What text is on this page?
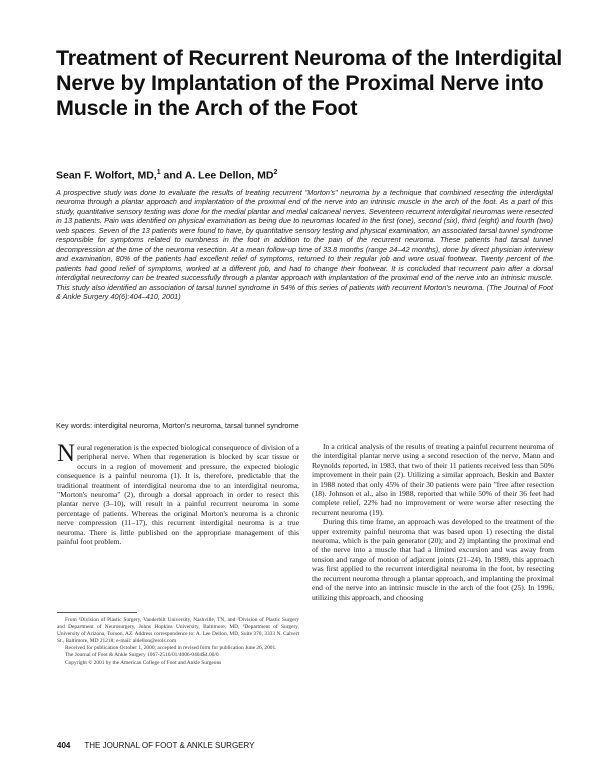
Treatment of Recurrent Neuroma of the Interdigital Nerve by Implantation of the Proximal Nerve into Muscle in the Arch of the Foot
Sean F. Wolfort, MD,$^1$ and A. Lee Dellon, $MD^2$

A prospective study was done to evaluate the results of treating recurrent "Morton's" neuroma by a technique that combined resecting the interdigital neuroma through a plantar approach and implantation of the proximal end of the nerve into an intrinsic muscle in the arch of the foot. As a part of this study, quantitative sensory testing was done for the medial plantar and medial calcaneal nerves. Seventeen recurrent interdigital neuromas were resected in 13 patients. Pain was identified on physical examination as being due to neuromas located in the first (one), second (six), third (eight) and fourth (two) web spaces. Seven of the 13 patients were found to have, by quantitative sensory testing and physical examination, an associated tarsal tunnel syndrome responsible for symptoms related to numbness in the foot in addition to the pain of the recurrent neuroma. These patients had tarsal tunnel decompression at the time of the neuroma resection. At a mean follow-up time of 33.8 months (range 24–42 months), done by direct physician interview and examination, 80% of the patients had excellent relief of symptoms, returned to their regular job and wore usual footwear. Twenty percent of the patients had good relief of symptoms, worked at a different job, and had to change their footwear. It is concluded that recurrent pain after a dorsal interdigital neurectomy can be treated successfully through a plantar approach with implantation of the proximal end of the nerve into an intrinsic muscle. This study also identified an association of tarsal tunnel syndrome in 54% of this series of patients with recurrent Morton's neuroma. (The Journal of Foot & Ankle Surgery 40(6):404–410, 2001)

Key words: interdigital neuroma, Morton's neuroma, tarsal tunnel syndrome

Neural regeneration is the expected biological consequence of division of a peripheral nerve. When that regeneration is blocked by scar tissue or occurs in a region of movement and pressure, the expected biologic consequence is a painful neuroma (1). It is, therefore, predictable that the traditional treatment of interdigital neuroma due to an interdigital neuroma, "Morton's neuroma" (2), through a dorsal approach in order to resect this plantar nerve (3–10), will result in a painful recurrent neuroma in some percentage of patients. Whereas the original Morton's neuroma is a chronic nerve compression (11–17), this recurrent interdigital neuroma is a true neuroma. There is little published on the appropriate management of this painful foot problem.

From ¹Division of Plastic Surgery, Vanderbilt University, Nashville, TN, and ²Division of Plastic Surgery and Department of Neurosurgery, Johns Hopkins University, Baltimore, MD, ³Department of Surgery, University of Arizona, Tucson, AZ. Address correspondence to: A. Lee Dellon, MD, Suite 370, 3333 N. Calvert St., Baltimore, MD 21218; e-mail: aldellon@erols.com

Received for publication October 1, 2000; accepted in revised form for publication June 26, 2001.

The Journal of Foot & Ankle Surgery 1067-2516/01/4006-0404$4.00/0

Copyright © 2001 by the American College of Foot and Ankle Surgeons

In a critical analysis of the results of treating a painful recurrent neuroma of the interdigital plantar nerve using a second resection of the nerve, Mann and Reynolds reported, in 1983, that two of their 11 patients received less than 50% improvement in their pain (2). Utilizing a similar approach, Beskin and Baxter in 1988 noted that only 45% of their 30 patients were pain "free after resection (18). Johnson et al., also in 1988, reported that while 50% of their 36 feet had complete relief, 22% had no improvement or were worse after resecting the recurrent neuroma (19).

During this time frame, an approach was developed to the treatment of the upper extremity painful neuroma that was based upon 1) resecting the distal neuroma, which is the pain generator (20); and 2) implanting the proximal end of the nerve into a muscle that had a limited excursion and was away from tension and range of motion of adjacent joints (21–24). In 1989, this approach was first applied to the recurrent interdigital neuroma in the foot, by resecting the recurrent neuroma through a plantar approach, and implanting the proximal end of the nerve into an intrinsic muscle in the arch of the foot (25). In 1996, utilizing this approach, and choosing

404 THE JOURNAL OF FOOT & ANKLE SURGERY
